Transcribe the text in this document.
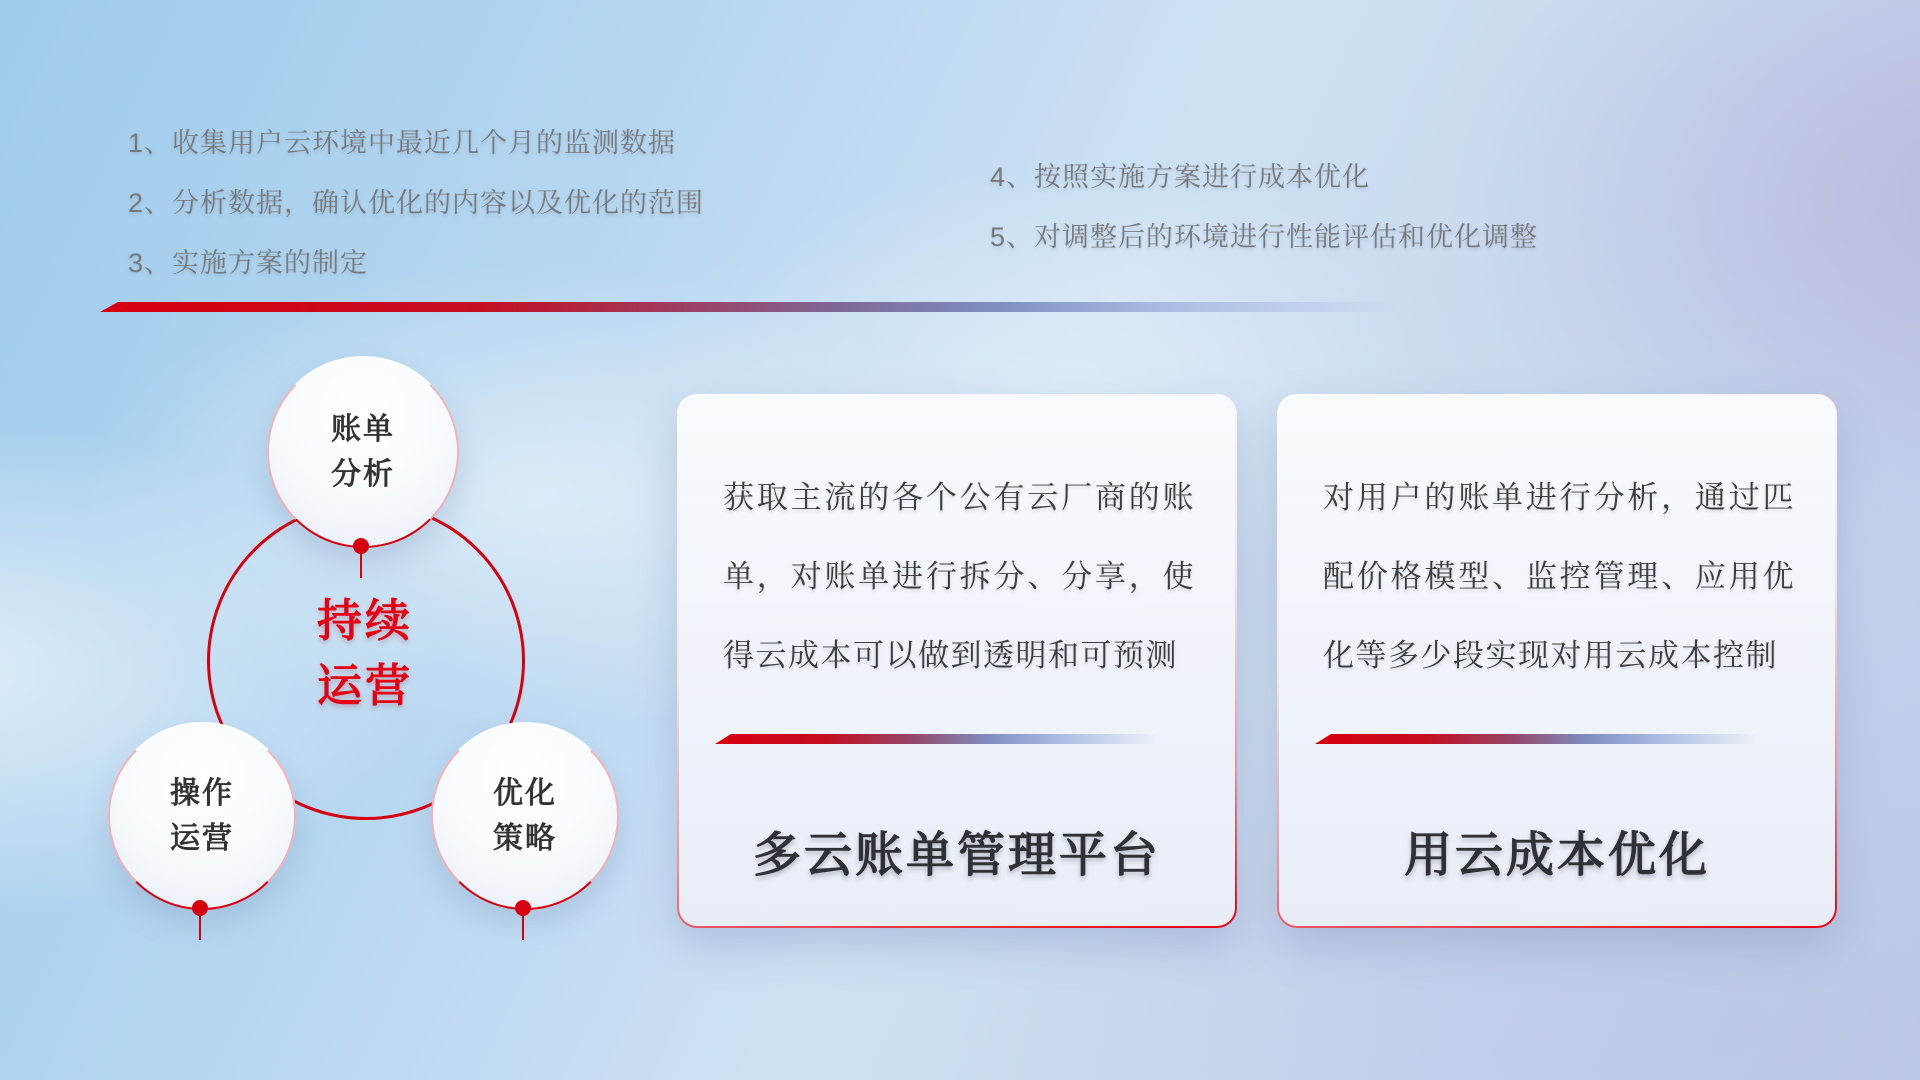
1、收集用户云环境中最近几个月的监测数据
2、分析数据，确认优化的内容以及优化的范围
3、实施方案的制定
4、按照实施方案进行成本优化
5、对调整后的环境进行性能评估和优化调整
持续
运营
账单
分析
操作
运营
优化
策略
获取主流的各个公有云厂商的账单，对账单进行拆分、分享，使得云成本可以做到透明和可预测
多云账单管理平台
对用户的账单进行分析，通过匹配价格模型、监控管理、应用优化等多少段实现对用云成本控制
用云成本优化
